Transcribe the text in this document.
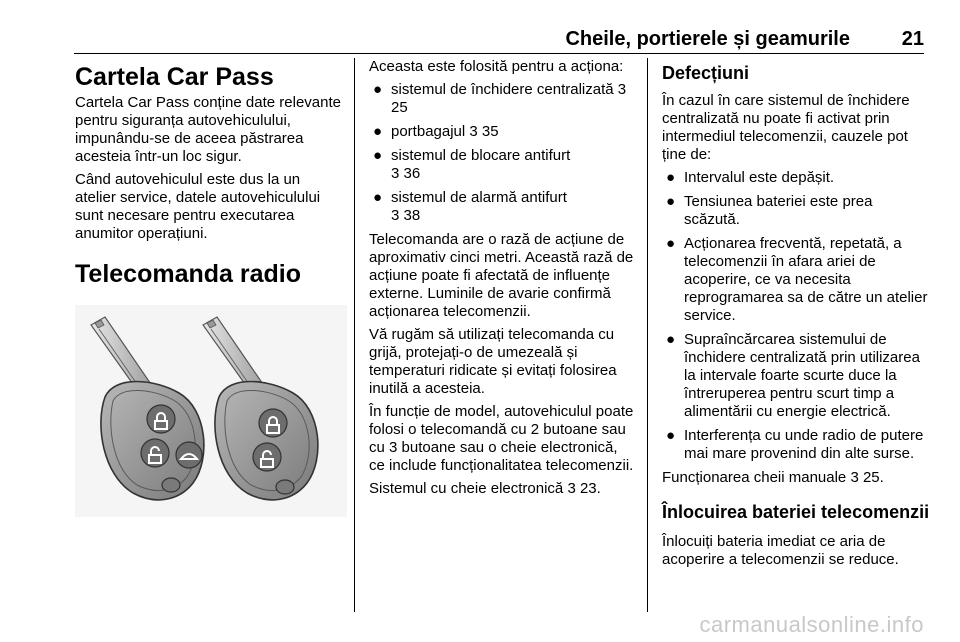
Cheile, portierele și geamurile	21
Cartela Car Pass

Cartela Car Pass conține date relevante pentru siguranța autovehiculului, impunându-se de aceea păstrarea acesteia într-un loc sigur.

Când autovehiculul este dus la un atelier service, datele autovehiculului sunt necesare pentru executarea anumitor operațiuni.

Telecomanda radio

Aceasta este folosită pentru a acționa:

● sistemul de închidere centralizată 3 25
● portbagajul 3 35
● sistemul de blocare antifurt
3 36
● sistemul de alarmă antifurt
3 38

Telecomanda are o rază de acțiune de aproximativ cinci metri. Această rază de acțiune poate fi afectată de influențe externe. Luminile de avarie confirmă acționarea telecomenzii.

Vă rugăm să utilizați telecomanda cu grijă, protejați-o de umezeală și temperaturi ridicate și evitați folosirea inutilă a acesteia.

În funcție de model, autovehiculul poate folosi o telecomandă cu 2 butoane sau cu 3 butoane sau o cheie electronică, ce include funcționalitatea telecomenzii.

Sistemul cu cheie electronică 3 23.

Defecțiuni

În cazul în care sistemul de închidere centralizată nu poate fi activat prin intermediul telecomenzii, cauzele pot ține de:

● Intervalul este depășit.
● Tensiunea bateriei este prea scăzută.
● Acționarea frecventă, repetată, a telecomenzii în afara ariei de acoperire, ce va necesita reprogramarea sa de către un atelier service.
● Supraîncărcarea sistemului de închidere centralizată prin utilizarea la intervale foarte scurte duce la întreruperea pentru scurt timp a alimentării cu energie electrică.
● Interferența cu unde radio de putere mai mare provenind din alte surse.

Funcționarea cheii manuale 3 25.

Înlocuirea bateriei telecomenzii

Înlocuiți bateria imediat ce aria de acoperire a telecomenzii se reduce.

carmanualsonline.info
